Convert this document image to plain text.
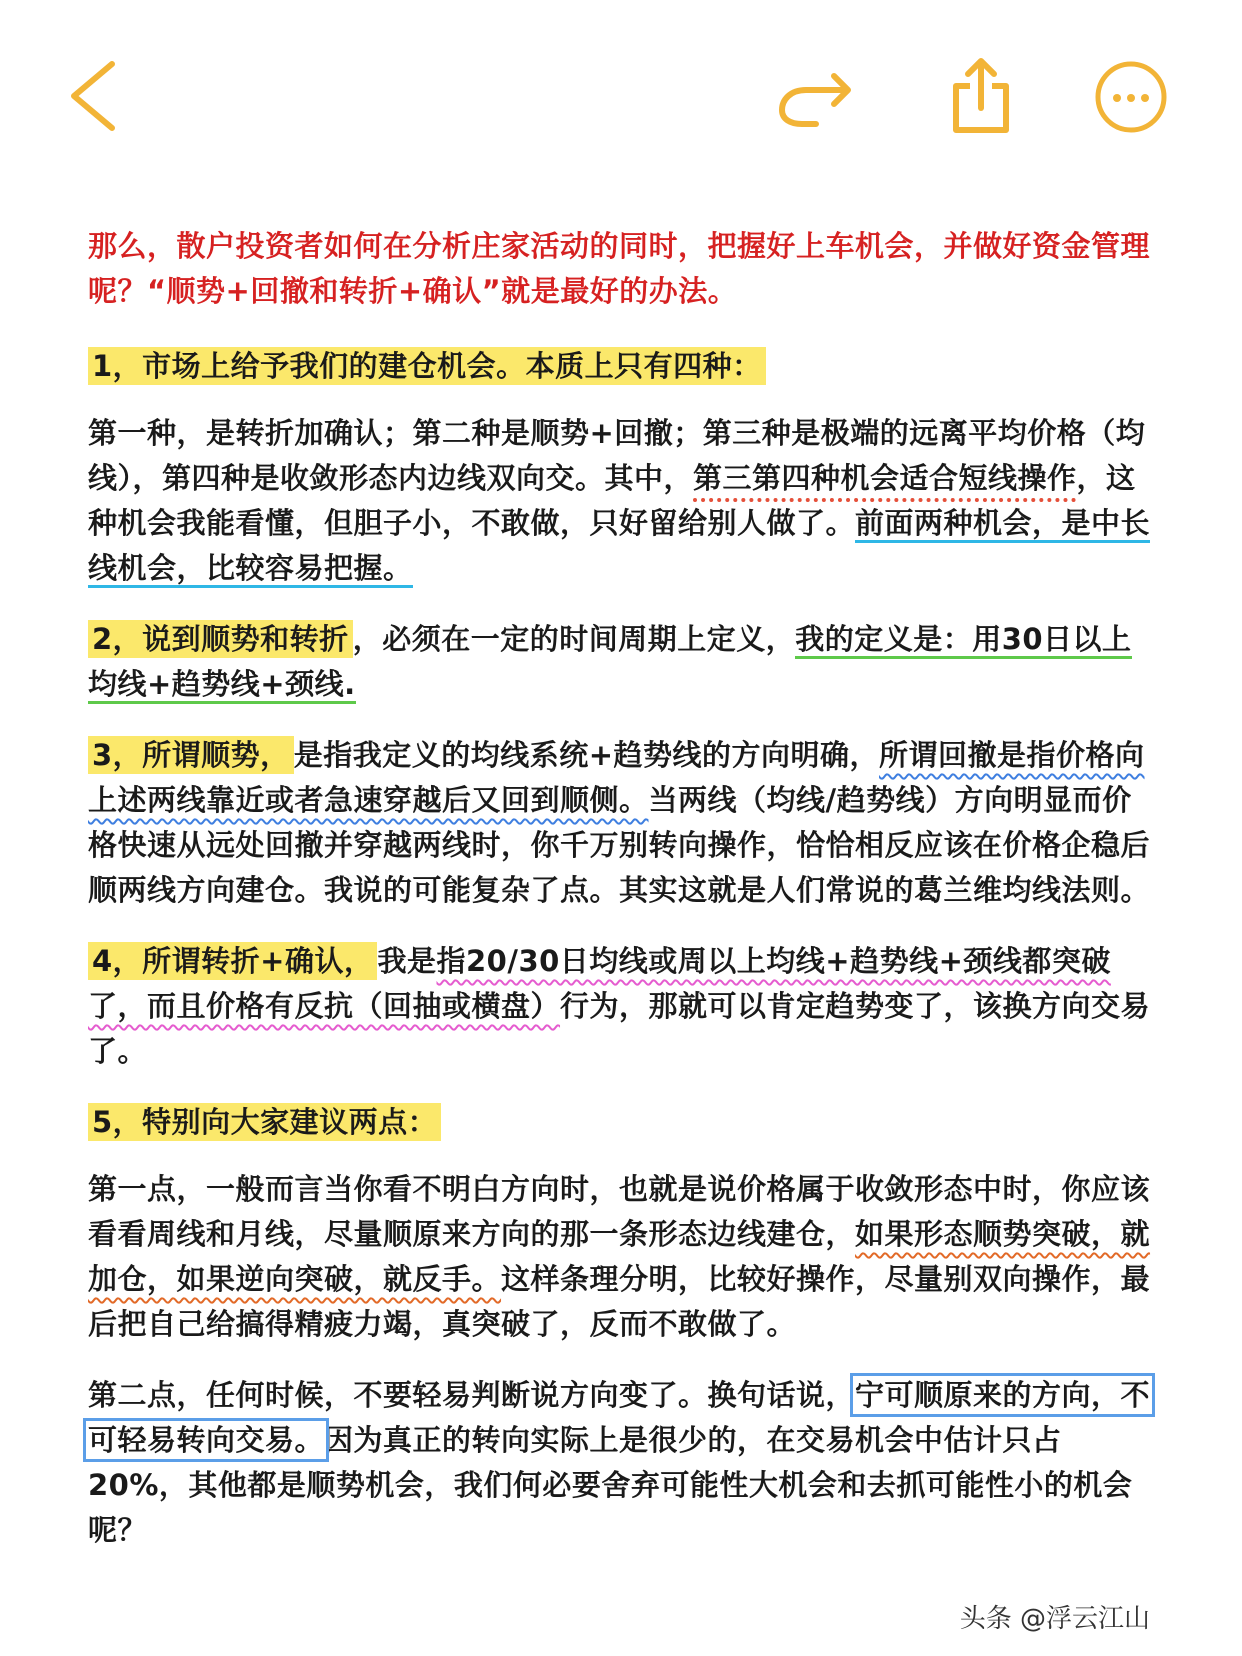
那么，散户投资者如何在分析庄家活动的同时，把握好上车机会，并做好资金管理呢？“顺势+回撤和转折+确认”就是最好的办法。

1，市场上给予我们的建仓机会。本质上只有四种：

第一种，是转折加确认；第二种是顺势+回撤；第三种是极端的远离平均价格（均线），第四种是收敛形态内边线双向交。其中，第三第四种机会适合短线操作，这种机会我能看懂，但胆子小，不敢做，只好留给别人做了。前面两种机会，是中长线机会，比较容易把握。

2，说到顺势和转折 ，必须在一定的时间周期上定义，我的定义是：用30日以上均线+趋势线+颈线.

3，所谓顺势， 是指我定义的均线系统+趋势线的方向明确，所谓回撤是指价格向上述两线靠近或者急速穿越后又回到顺侧。当两线（均线/趋势线）方向明显而价格快速从远处回撤并穿越两线时，你千万别转向操作，恰恰相反应该在价格企稳后顺两线方向建仓。我说的可能复杂了点。其实这就是人们常说的葛兰维均线法则。

4，所谓转折+确认， 我是指20/30日均线或周以上均线+趋势线+颈线都突破了，而且价格有反抗（回抽或横盘）行为，那就可以肯定趋势变了，该换方向交易了。

5，特别向大家建议两点：

第一点，一般而言当你看不明白方向时，也就是说价格属于收敛形态中时，你应该看看周线和月线，尽量顺原来方向的那一条形态边线建仓，如果形态顺势突破，就加仓，如果逆向突破，就反手。这样条理分明，比较好操作，尽量别双向操作，最后把自己给搞得精疲力竭，真突破了，反而不敢做了。

第二点，任何时候，不要轻易判断说方向变了。换句话说，宁可顺原来的方向，不可轻易转向交易。因为真正的转向实际上是很少的，在交易机会中估计只占20%，其他都是顺势机会，我们何必要舍弃可能性大机会和去抓可能性小的机会呢？

头条 @浮云江山
